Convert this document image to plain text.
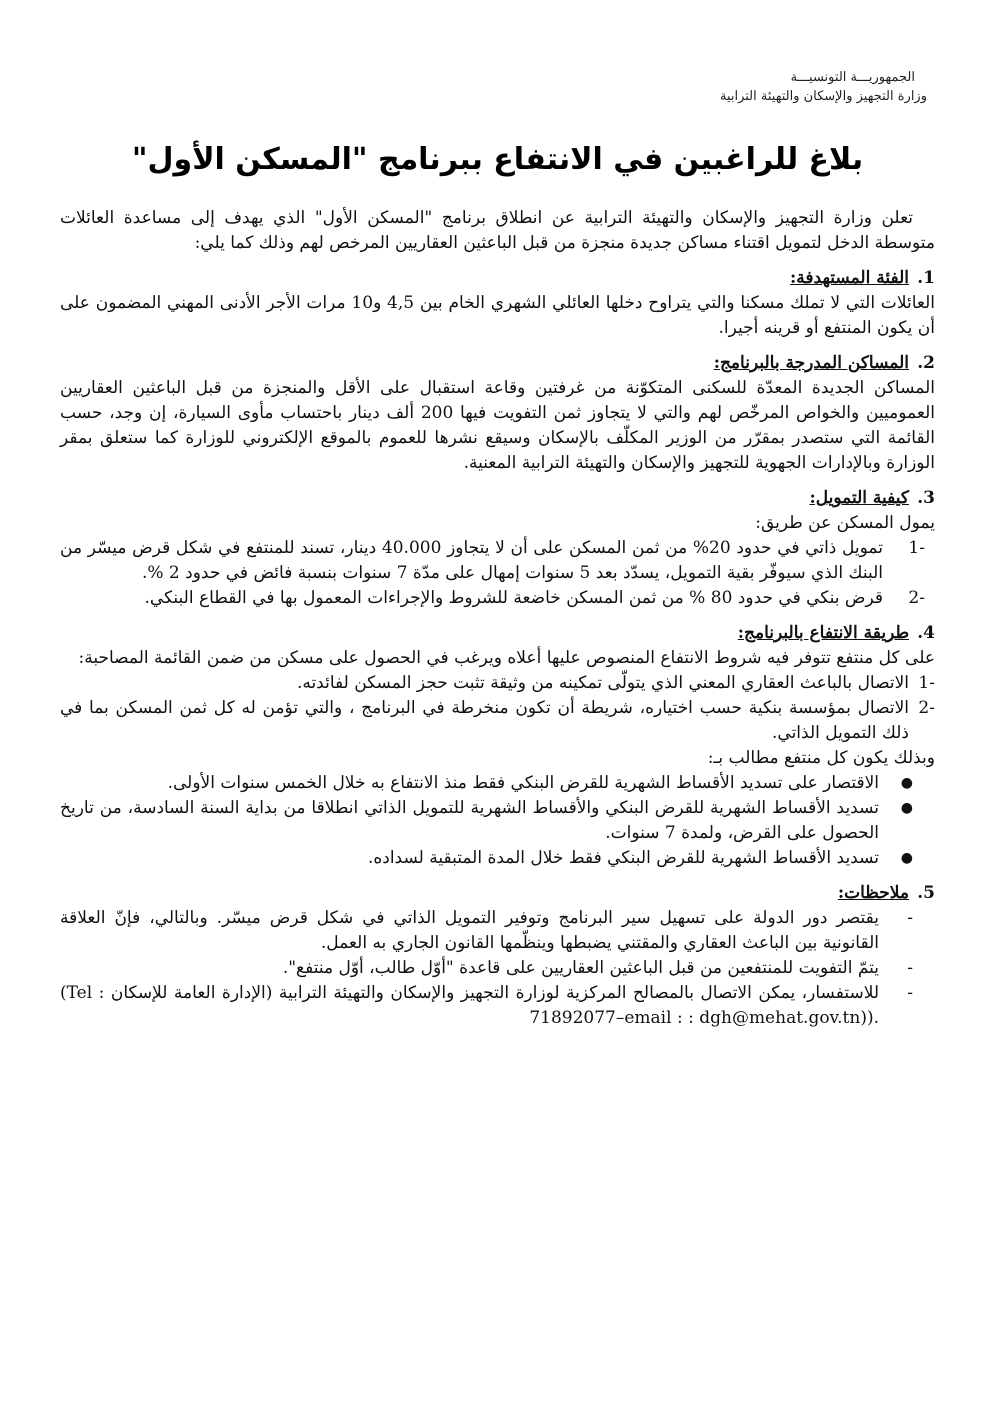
الجمهوريـــة التونسيـــة
وزارة التجهيز والإسكان والتهيئة الترابية
بلاغ للراغبين في الانتفاع ببرنامج "المسكن الأول"

تعلن وزارة التجهيز والإسكان والتهيئة الترابية عن انطلاق برنامج "المسكن الأول" الذي يهدف إلى مساعدة العائلات متوسطة الدخل لتمويل اقتناء مساكن جديدة منجزة من قبل الباعثين العقاريين المرخص لهم وذلك كما يلي:

1.الفئة المستهدفة:

العائلات التي لا تملك مسكنا والتي يتراوح دخلها العائلي الشهري الخام بين 4,5 و10 مرات الأجر الأدنى المهني المضمون على أن يكون المنتفع أو قرينه أجيرا.

2.المساكن المدرجة بالبرنامج:

المساكن الجديدة المعدّة للسكنى المتكوّنة من غرفتين وقاعة استقبال على الأقل والمنجزة من قبل الباعثين العقاريين العموميين والخواص المرخّص لهم والتي لا يتجاوز ثمن التفويت فيها 200 ألف دينار باحتساب مأوى السيارة، إن وجد، حسب القائمة التي ستصدر بمقرّر من الوزير المكلّف بالإسكان وسيقع نشرها للعموم بالموقع الإلكتروني للوزارة كما ستعلق بمقر الوزارة وبالإدارات الجهوية للتجهيز والإسكان والتهيئة الترابية المعنية.

3.كيفية التمويل:

يمول المسكن عن طريق:

-1
تمويل ذاتي في حدود 20% من ثمن المسكن على أن لا يتجاوز 40.000 دينار، تسند للمنتفع في شكل قرض ميسّر من البنك الذي سيوفّر بقية التمويل، يسدّد بعد 5 سنوات إمهال على مدّة 7 سنوات بنسبة فائض في حدود 2 %.
-2
قرض بنكي في حدود 80 % من ثمن المسكن خاضعة للشروط والإجراءات المعمول بها في القطاع البنكي.

4.طريقة الانتفاع بالبرنامج:

على كل منتفع تتوفر فيه شروط الانتفاع المنصوص عليها أعلاه ويرغب في الحصول على مسكن من ضمن القائمة المصاحبة:

-1
الاتصال بالباعث العقاري المعني الذي يتولّى تمكينه من وثيقة تثبت حجز المسكن لفائدته.
-2
الاتصال بمؤسسة بنكية حسب اختياره، شريطة أن تكون منخرطة في البرنامج ، والتي تؤمن له كل ثمن المسكن بما في ذلك التمويل الذاتي.

وبذلك يكون كل منتفع مطالب بـ:

●
الاقتصار على تسديد الأقساط الشهرية للقرض البنكي فقط منذ الانتفاع به خلال الخمس سنوات الأولى.
●
تسديد الأقساط الشهرية للقرض البنكي والأقساط الشهرية للتمويل الذاتي انطلاقا من بداية السنة السادسة، من تاريخ الحصول على القرض، ولمدة 7 سنوات.
●
تسديد الأقساط الشهرية للقرض البنكي فقط خلال المدة المتبقية لسداده.

5.ملاحظات:

-
يقتصر دور الدولة على تسهيل سير البرنامج وتوفير التمويل الذاتي في شكل قرض ميسّر. وبالتالي، فإنّ العلاقة القانونية بين الباعث العقاري والمقتني يضبطها وينظّمها القانون الجاري به العمل.
-
يتمّ التفويت للمنتفعين من قبل الباعثين العقاريين على قاعدة "أوّل طالب، أوّل منتفع".
-
للاستفسار، يمكن الاتصال بالمصالح المركزية لوزارة التجهيز والإسكان والتهيئة الترابية (الإدارة العامة للإسكان (Tel : 71892077–email : : dgh@mehat.gov.tn)).
